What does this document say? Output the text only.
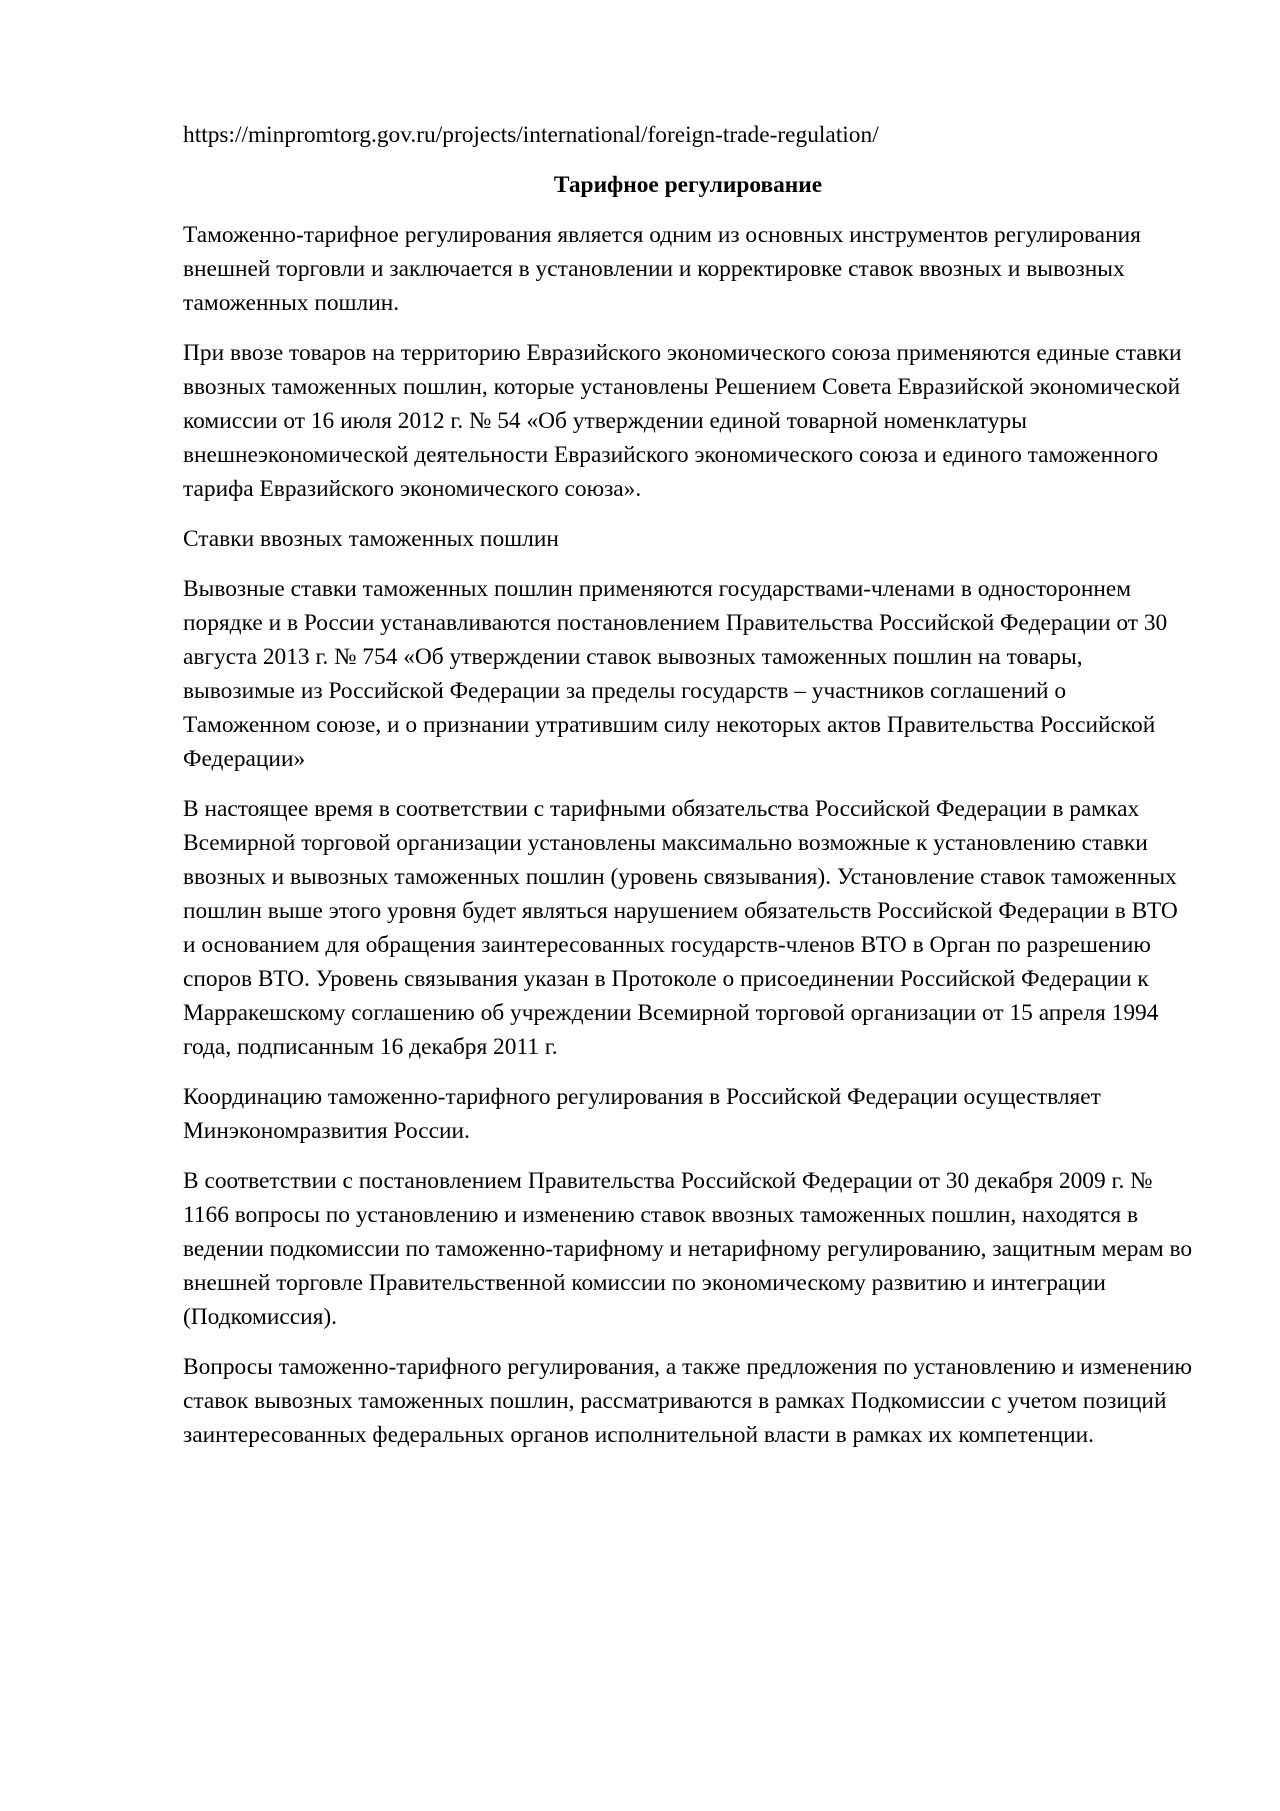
https://minpromtorg.gov.ru/projects/international/foreign-trade-regulation/

Тарифное регулирование

Таможенно-тарифное регулирования является одним из основных инструментов регулирования внешней торговли и заключается в установлении и корректировке ставок ввозных и вывозных таможенных пошлин.

При ввозе товаров на территорию Евразийского экономического союза применяются единые ставки ввозных таможенных пошлин, которые установлены Решением Совета Евразийской экономической комиссии от 16 июля 2012 г. № 54 «Об утверждении единой товарной номенклатуры внешнеэкономической деятельности Евразийского экономического союза и единого таможенного тарифа Евразийского экономического союза».

Ставки ввозных таможенных пошлин

Вывозные ставки таможенных пошлин применяются государствами-членами в одностороннем порядке и в России устанавливаются постановлением Правительства Российской Федерации от 30 августа 2013 г. № 754 «Об утверждении ставок вывозных таможенных пошлин на товары, вывозимые из Российской Федерации за пределы государств – участников соглашений о Таможенном союзе, и о признании утратившим силу некоторых актов Правительства Российской Федерации»

В настоящее время в соответствии с тарифными обязательства Российской Федерации в рамках Всемирной торговой организации установлены максимально возможные к установлению ставки ввозных и вывозных таможенных пошлин (уровень связывания). Установление ставок таможенных пошлин выше этого уровня будет являться нарушением обязательств Российской Федерации в ВТО и основанием для обращения заинтересованных государств-членов ВТО в Орган по разрешению споров ВТО. Уровень связывания указан в Протоколе о присоединении Российской Федерации к Марракешскому соглашению об учреждении Всемирной торговой организации от 15 апреля 1994 года, подписанным 16 декабря 2011 г.

Координацию таможенно-тарифного регулирования в Российской Федерации осуществляет Минэкономразвития России.

В соответствии с постановлением Правительства Российской Федерации от 30 декабря 2009 г. № 1166 вопросы по установлению и изменению ставок ввозных таможенных пошлин, находятся в ведении подкомиссии по таможенно-тарифному и нетарифному регулированию, защитным мерам во внешней торговле Правительственной комиссии по экономическому развитию и интеграции (Подкомиссия).

Вопросы таможенно-тарифного регулирования, а также предложения по установлению и изменению ставок вывозных таможенных пошлин, рассматриваются в рамках Подкомиссии с учетом позиций заинтересованных федеральных органов исполнительной власти в рамках их компетенции.
